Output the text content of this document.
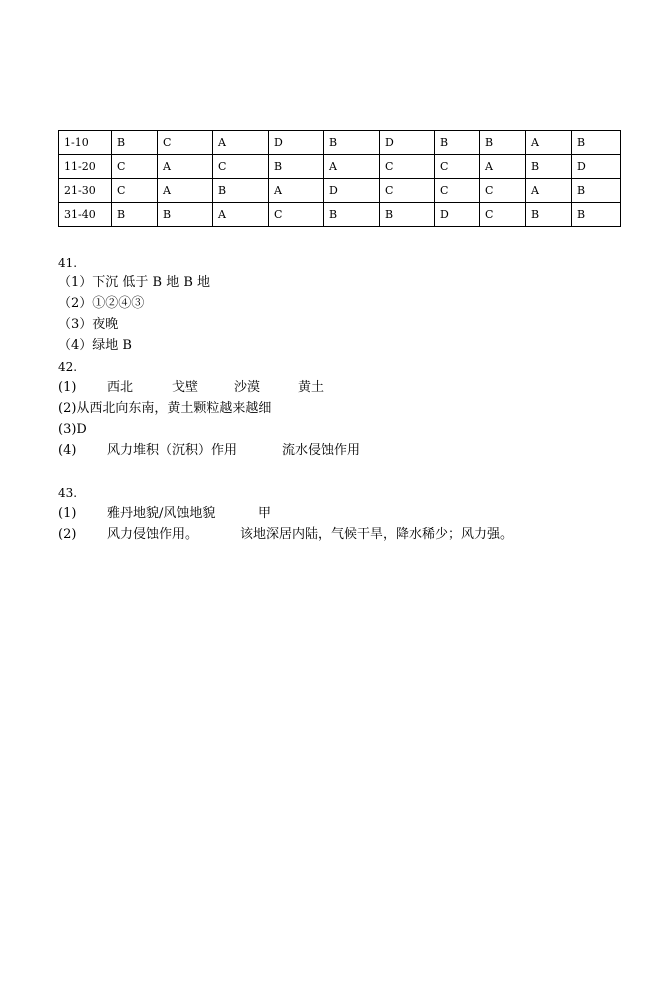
1-10	B	C	A	D	B	D	B	B	A	B
11-20	C	A	C	B	A	C	C	A	B	D
21-30	C	A	B	A	D	C	C	C	A	B
31-40	B	B	A	C	B	B	D	C	B	B
41.
（1）下沉 低于 B 地 B 地
（2）①②④③
（3）夜晚
（4）绿地 B
42.
(1) 西北	戈壁	沙漠	黄土
(2)从西北向东南，黄土颗粒越来越细
(3)D
(4) 风力堆积（沉积）作用	流水侵蚀作用
43.
(1) 雅丹地貌/风蚀地貌	甲
(2) 风力侵蚀作用。	该地深居内陆，气候干旱，降水稀少；风力强。
